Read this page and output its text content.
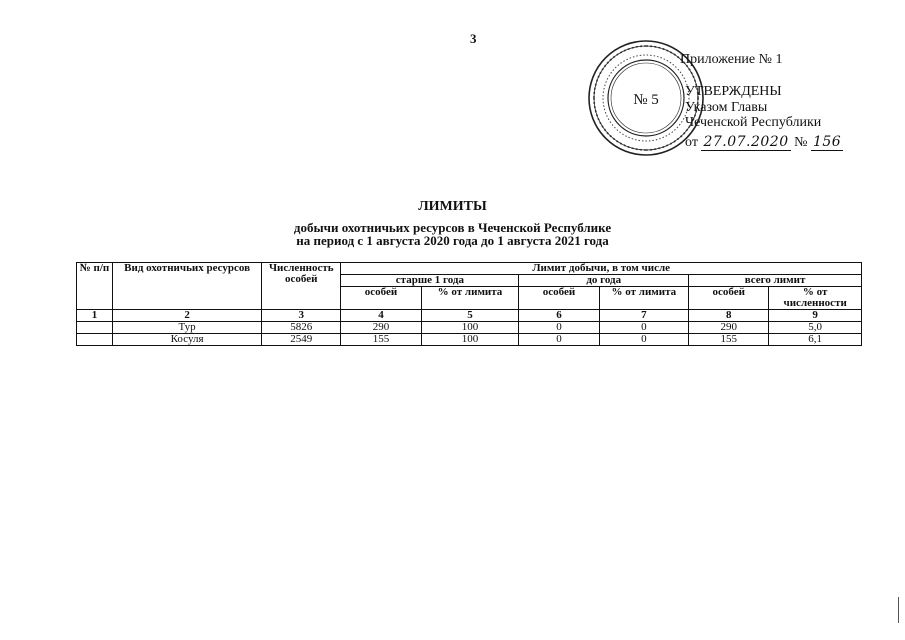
3
№ 5
Приложение № 1
УТВЕРЖДЕНЫ
Указом Главы
Чеченской Республики
от 27.07.2020 № 156
ЛИМИТЫ
добычи охотничьих ресурсов в Чеченской Республике
на период с 1 августа 2020 года до 1 августа 2021 года
№ п/п	Вид охотничьих ресурсов	Численность особей	Лимит добычи, в том числе					
			старше 1 года		до года		всего лимит	
			особей	% от лимита	особей	% от лимита	особей	% от численности
1	2	3	4	5	6	7	8	9
	Тур	5826	290	100	0	0	290	5,0
	Косуля	2549	155	100	0	0	155	6,1
